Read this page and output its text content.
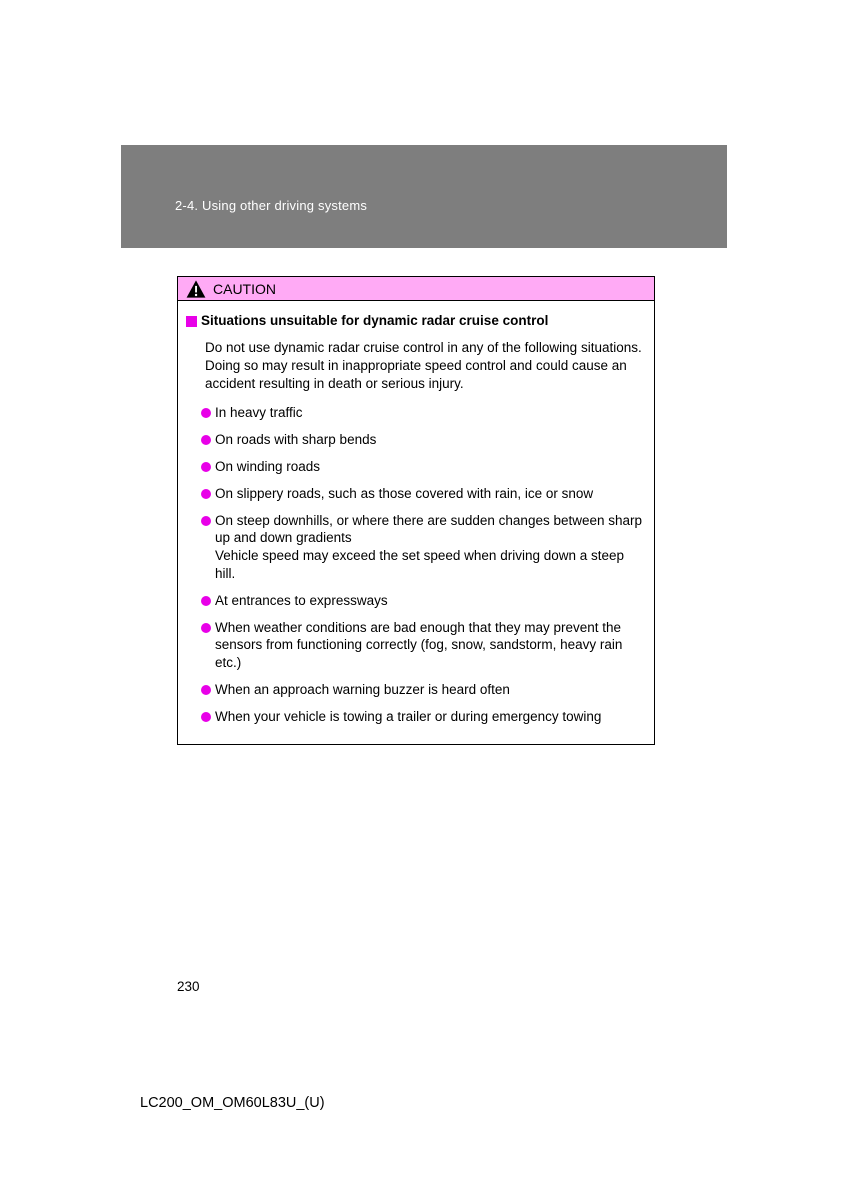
2-4. Using other driving systems
CAUTION
Situations unsuitable for dynamic radar cruise control
Do not use dynamic radar cruise control in any of the following situations. Doing so may result in inappropriate speed control and could cause an accident resulting in death or serious injury.
In heavy traffic
On roads with sharp bends
On winding roads
On slippery roads, such as those covered with rain, ice or snow
On steep downhills, or where there are sudden changes between sharp up and down gradients
Vehicle speed may exceed the set speed when driving down a steep hill.
At entrances to expressways
When weather conditions are bad enough that they may prevent the sensors from functioning correctly (fog, snow, sandstorm, heavy rain etc.)
When an approach warning buzzer is heard often
When your vehicle is towing a trailer or during emergency towing
230
LC200_OM_OM60L83U_(U)
